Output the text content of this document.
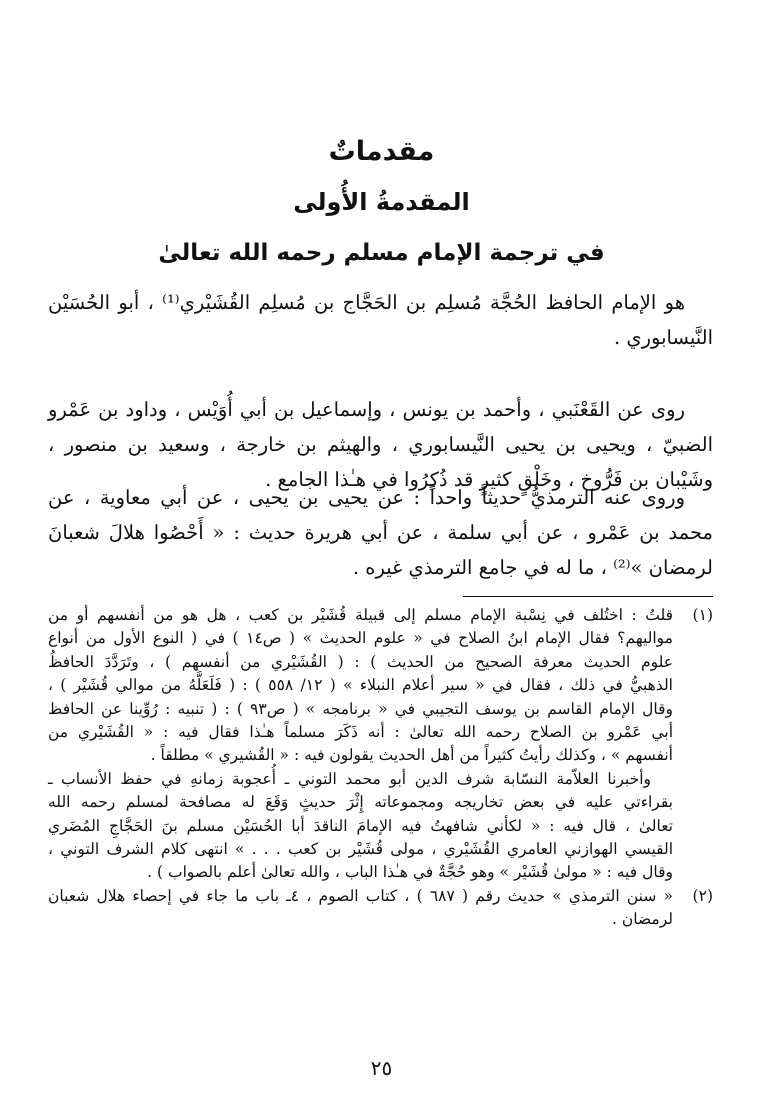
مقدماتٌ
المقدمةُ الأُولى
في ترجمة الإمام مسلم رحمه الله تعالىٰ
هو الإمام الحافظ الحُجَّة مُسلِم بن الحَجَّاج بن مُسلِم القُشَيْري⁽¹⁾ ، أبو الحُسَيْن
النَّيسابوري .
روى عن القَعْنَبي ، وأحمد بن يونس ، وإسماعيل بن أبي أُوَيْس ، وداود بن عَمْرو
الضبيّ ، ويحيى بن يحيى النَّيسابوري ، والهيثم بن خارجة ، وسعيد بن منصور ،
وشَيْبان بن فَرُّوخ ، وخَلْقٍ كثيرٍ قد ذُكِرُوا في هـٰذا الجامع .
وروى عنه الترمذيُّ حديثاً واحداً : عن يحيى بن يحيى ، عن أبي معاوية ، عن
محمد بن عَمْرو ، عن أبي سلمة ، عن أبي هريرة حديث : « أَحْصُوا هلالَ شعبانَ
لرمضان »⁽²⁾ ، ما له في جامع الترمذي غيره .
(١)
قلتُ : اختُلف في نِسْبة الإمام مسلم إلى قبيلة قُشَيْر بن كعب ، هل هو من أنفسهم أو من
مواليهم؟ فقال الإمام ابنُ الصلاح في « علوم الحديث » ( ص١٤ ) في ( النوع الأول من أنواع
علوم الحديث معرفة الصحيح من الحديث ) : ( القُشَيْري من أنفسهم ) ، وتَرَدَّدَ الحافظُ
الذهبيُّ في ذلك ، فقال في « سير أعلام النبلاء » ( ١٢/ ٥٥٨ ) : ( فَلَعَلَّهُ من موالي قُشَيْر ) ،
وقال الإمام القاسم بن يوسف التجيبي في « برنامجه » ( ص٩٣ ) : ( تنبيه : رُوِّينا عن الحافظ
أبي عَمْرو بن الصلاح رحمه الله تعالىٰ : أنه ذَكَرَ مسلماً هـٰذا فقال فيه : « القُشَيْري من
أنفسهم » ، وكذلك رأيتُ كثيراً من أهل الحديث يقولون فيه : « القُشيري » مطلقاً .
وأخبرنا العلاّمة النسّابة شرف الدين أبو محمد التوني ـ أُعجوبة زمانهِ في حفظ الأنساب ـ
بقراءتي عليه في بعض تخاريجه ومجموعاته إِثْرَ حديثٍ وَقَعَ له مصافحة لمسلم رحمه الله
تعالىٰ ، قال فيه : « لكأني شافهتُ فيه الإمامَ الناقدَ أبا الحُسَيْن مسلم بنَ الحَجَّاجِ المُضَري
القيسي الهوازني العامري القُشَيْري ، مولى قُشَيْر بن كعب . . . » انتهى كلام الشرف التوني ،
وقال فيه : « مولىٰ قُشَيْر » وهو حُجَّةٌ في هـٰذا الباب ، والله تعالىٰ أعلم بالصواب ) .
(٢)
« سنن الترمذي » حديث رقم ( ٦٨٧ ) ، كتاب الصوم ، ٤ـ باب ما جاء في إحصاء هلال شعبان
لرمضان .
٢٥
